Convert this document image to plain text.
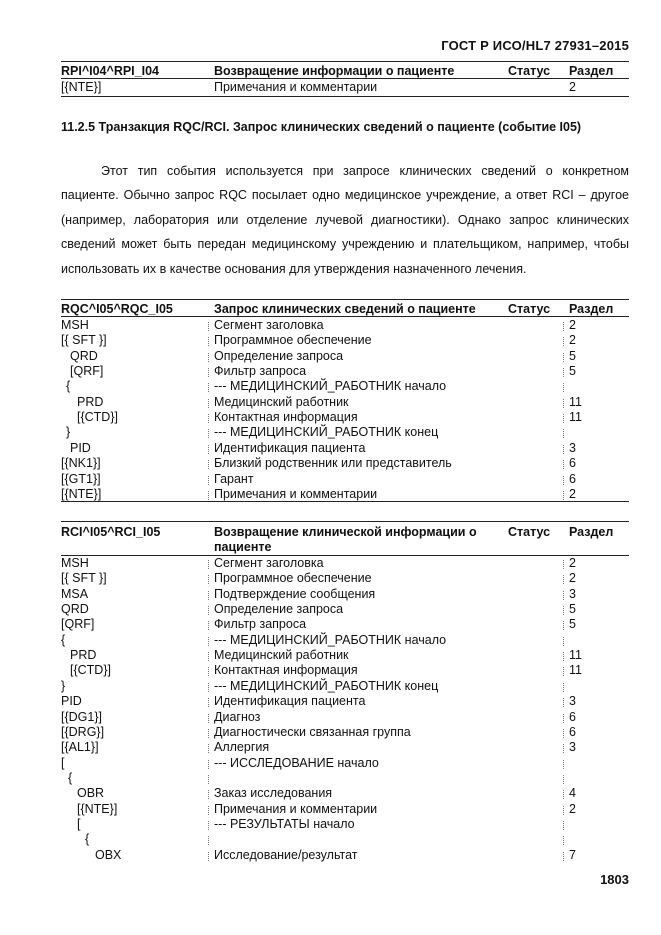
ГОСТ Р ИСО/HL7 27931–2015
RPI^I04^RPI_I04	Возвращение информации о пациенте	Статус Раздел
[{NTE}]	Примечания и комментарии	2
11.2.5 Транзакция RQC/RCI. Запрос клинических сведений о пациенте (событие I05)
Этот тип события используется при запросе клинических сведений о конкретном пациенте. Обычно запрос RQC посылает одно медицинское учреждение, а ответ RCI – другое (например, лаборатория или отделение лучевой диагностики). Однако запрос клинических сведений может быть передан медицинскому учреждению и плательщиком, например, чтобы использовать их в качестве основания для утверждения назначенного лечения.
RQC^I05^RQC_I05	Запрос клинических сведений о пациенте	Статус Раздел
MSH	Сегмент заголовка	2
[{ SFT }]	Программное обеспечение	2
QRD	Определение запроса	5
[QRF]	Фильтр запроса	5
{	--- МЕДИЦИНСКИЙ_РАБОТНИК начало
PRD	Медицинский работник	11
[{CTD}]	Контактная информация	11
}	--- МЕДИЦИНСКИЙ_РАБОТНИК конец
PID	Идентификация пациента	3
[{NK1}]	Близкий родственник или представитель	6
[{GT1}]	Гарант	6
[{NTE}]	Примечания и комментарии	2
RCI^I05^RCI_I05	Возвращение клинической информации о пациенте
Статус Раздел
MSH	Сегмент заголовка	2
[{ SFT }]	Программное обеспечение	2
MSA	Подтверждение сообщения	3
QRD	Определение запроса	5
[QRF]	Фильтр запроса	5
{	--- МЕДИЦИНСКИЙ_РАБОТНИК начало
PRD	Медицинский работник	11
[{CTD}]	Контактная информация	11
}	--- МЕДИЦИНСКИЙ_РАБОТНИК конец
PID	Идентификация пациента	3
[{DG1}]	Диагноз	6
[{DRG}]	Диагностически связанная группа	6
[{AL1}]	Аллергия	3
[	--- ИССЛЕДОВАНИЕ начало
{
OBR	Заказ исследования	4
[{NTE}]	Примечания и комментарии	2
[	--- РЕЗУЛЬТАТЫ начало
{
OBX	Исследование/результат	7
1803
